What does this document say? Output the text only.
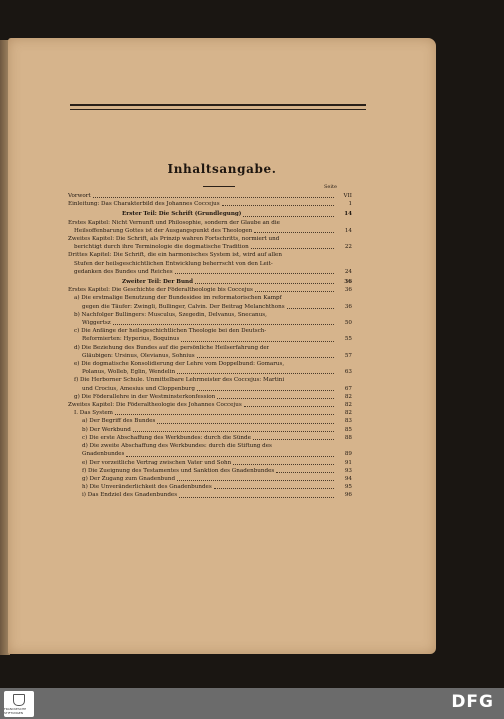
Inhaltsangabe.
Seite
Vorwort	VII
Einleitung: Das Charakterbild des Johannes Coccejus	1
Erster Teil: Die Schrift (Grundlegung)	14
Erstes Kapitel: Nicht Vernunft und Philosophie, sondern der Glaube an die
Heilsoffenbarung Gottes ist der Ausgangspunkt des Theologen	14
Zweites Kapitel: Die Schrift, als Prinzip wahren Fortschritts, normiert und
berichtigt durch ihre Terminologie die dogmatische Tradition	22
Drittes Kapitel: Die Schrift, die ein harmonisches System ist, wird auf allen
Stufen der heilsgeschichtlichen Entwicklung beherrscht von den Leit-
gedanken des Bundes und Reiches	24
Zweiter Teil: Der Bund	36
Erstes Kapitel: Die Geschichte der Föderaltheologie bis Coccejus	36
a) Die erstmalige Benutzung der Bundesidee im reformatorischen Kampf
gegen die Täufer: Zwingli, Bullinger, Calvin. Der Beitrag Melanchthons	36
b) Nachfolger Bullingers: Musculus, Szegedin, Delvanus, Snecanus,
Wiggertsz	50
c) Die Anfänge der heilsgeschichtlichen Theologie bei den Deutsch-
Reformierten: Hyperius, Boquinus	55
d) Die Beziehung des Bundes auf die persönliche Heilserfahrung der
Gläubigen: Ursinus, Olevianus, Sohnius	57
e) Die dogmatische Konsolidierung der Lehre vom Doppelbund: Gomarus,
Polanus, Wolleb, Eglin, Wendelin	63
f) Die Herborner Schule. Unmittelbare Lehrmeister des Coccejus: Martini
und Crocius, Amesius und Cloppenburg	67
g) Die Föderallehre in der Westminsterkonfession	82
Zweites Kapitel: Die Föderaltheologie des Johannes Coccejus	82
I. Das System	82
a) Der Begriff des Bundes	83
b) Der Werkbund	85
c) Die erste Abschaffung des Werkbundes: durch die Sünde	88
d) Die zweite Abschaffung des Werkbundes: durch die Stiftung des
Gnadenbundes	89
e) Der vorzeitliche Vertrag zwischen Vater und Sohn	91
f) Die Zueignung des Testamentes und Sanktion des Gnadenbundes	93
g) Der Zugang zum Gnadenbund	94
h) Die Unveränderlichkeit des Gnadenbundes	95
i) Das Endziel des Gnadenbundes	96
FRANCKESCHE STIFTUNGEN
DFG
